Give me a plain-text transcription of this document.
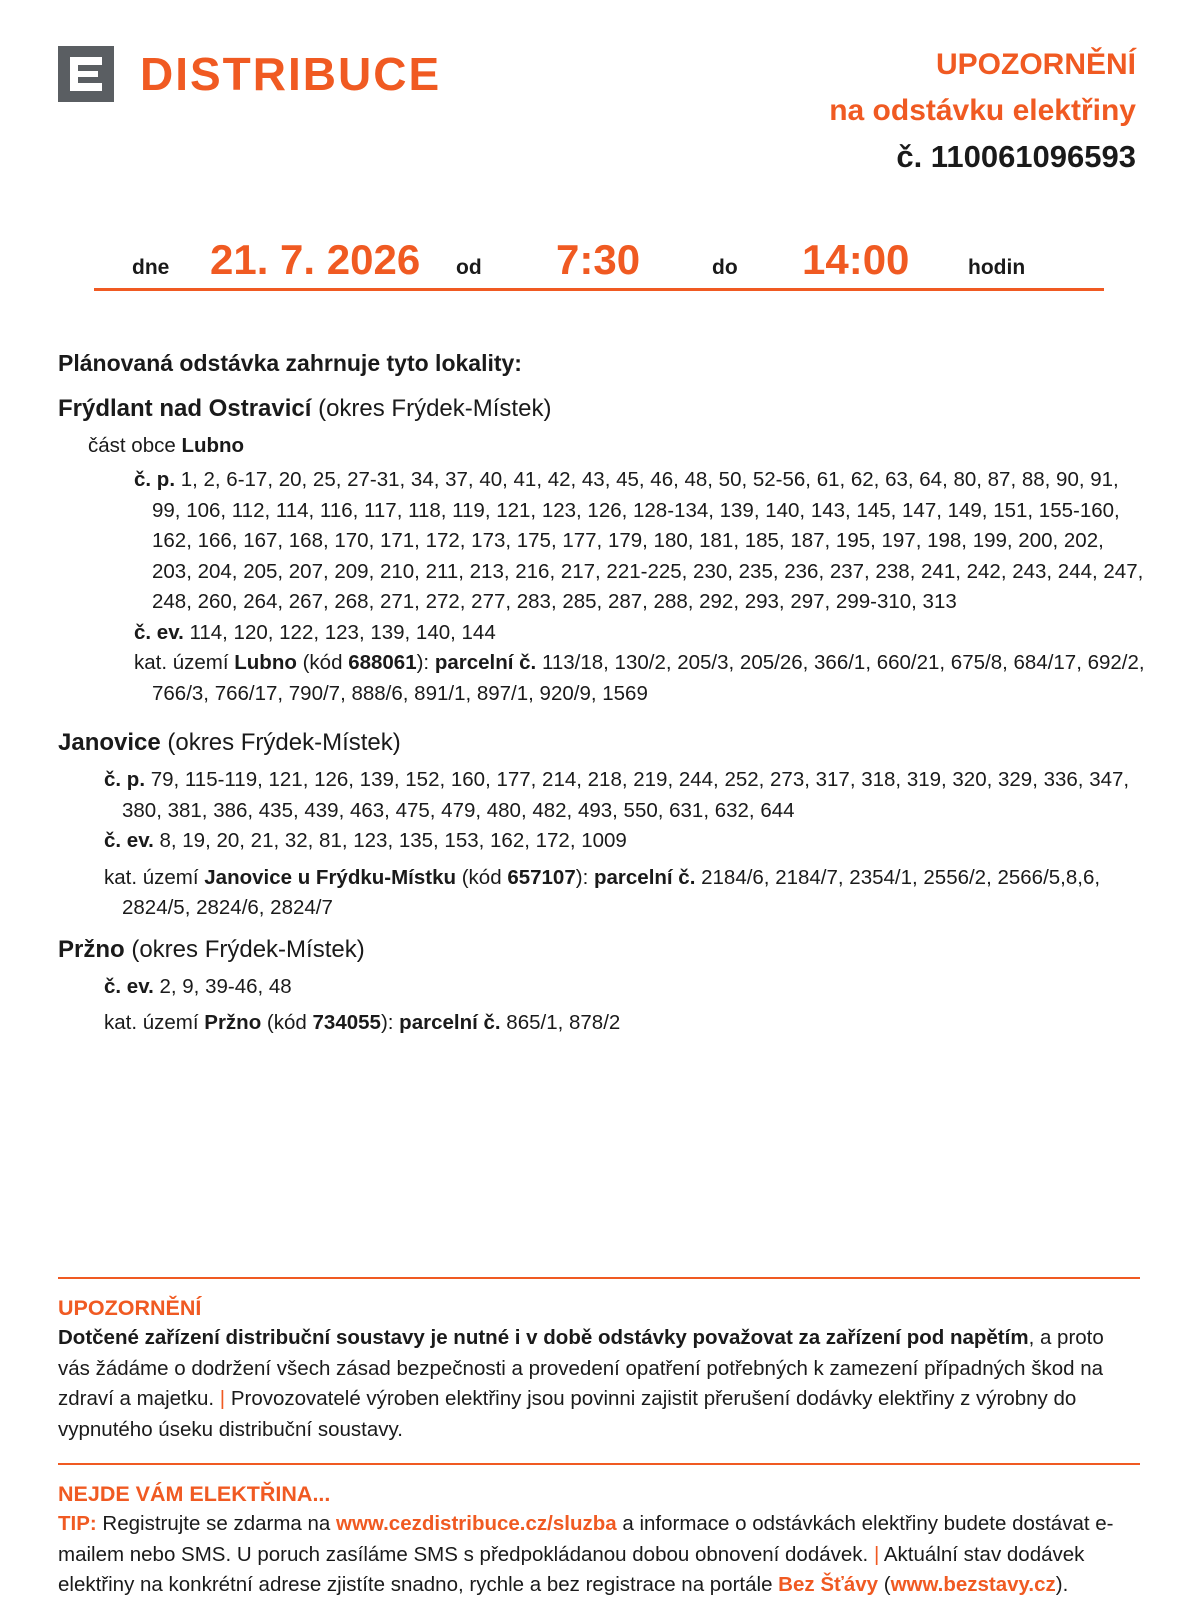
DISTRIBUCE	UPOZORNĚNÍ
na odstávku elektřiny
č. 110061096593
dne 21. 7. 2026 od 7:30	do 14:00	hodin
Plánovaná odstávka zahrnuje tyto lokality:
Frýdlant nad Ostravicí (okres Frýdek-Místek)
část obce Lubno
č. p. 1, 2, 6-17, 20, 25, 27-31, 34, 37, 40, 41, 42, 43, 45, 46, 48, 50, 52-56, 61, 62, 63, 64, 80, 87, 88, 90, 91, 99, 106, 112, 114, 116, 117, 118, 119, 121, 123, 126, 128-134, 139, 140, 143, 145, 147, 149, 151, 155-160, 162, 166, 167, 168, 170, 171, 172, 173, 175, 177, 179, 180, 181, 185, 187, 195, 197, 198, 199, 200, 202, 203, 204, 205, 207, 209, 210, 211, 213, 216, 217, 221-225, 230, 235, 236, 237, 238, 241, 242, 243, 244, 247, 248, 260, 264, 267, 268, 271, 272, 277, 283, 285, 287, 288, 292, 293, 297, 299-310, 313
č. ev. 114, 120, 122, 123, 139, 140, 144
kat. území Lubno (kód 688061): parcelní č. 113/18, 130/2, 205/3, 205/26, 366/1, 660/21, 675/8, 684/17, 692/2, 766/3, 766/17, 790/7, 888/6, 891/1, 897/1, 920/9, 1569
Janovice (okres Frýdek-Místek)
č. p. 79, 115-119, 121, 126, 139, 152, 160, 177, 214, 218, 219, 244, 252, 273, 317, 318, 319, 320, 329, 336, 347, 380, 381, 386, 435, 439, 463, 475, 479, 480, 482, 493, 550, 631, 632, 644
č. ev. 8, 19, 20, 21, 32, 81, 123, 135, 153, 162, 172, 1009
kat. území Janovice u Frýdku-Místku (kód 657107): parcelní č. 2184/6, 2184/7, 2354/1, 2556/2, 2566/5,8,6, 2824/5, 2824/6, 2824/7
Pržno (okres Frýdek-Místek)
č. ev. 2, 9, 39-46, 48
kat. území Pržno (kód 734055): parcelní č. 865/1, 878/2
UPOZORNĚNÍ
Dotčené zařízení distribuční soustavy je nutné i v době odstávky považovat za zařízení pod napětím, a proto vás žádáme o dodržení všech zásad bezpečnosti a provedení opatření potřebných k zamezení případných škod na zdraví a majetku. | Provozovatelé výroben elektřiny jsou povinni zajistit přerušení dodávky elektřiny z výrobny do vypnutého úseku distribuční soustavy.
NEJDE VÁM ELEKTŘINA...
TIP: Registrujte se zdarma na www.cezdistribuce.cz/sluzba a informace o odstávkách elektřiny budete dostávat e-mailem nebo SMS. U poruch zasíláme SMS s předpokládanou dobou obnovení dodávek. | Aktuální stav dodávek elektřiny na konkrétní adrese zjistíte snadno, rychle a bez registrace na portále Bez Šťávy (www.bezstavy.cz).
